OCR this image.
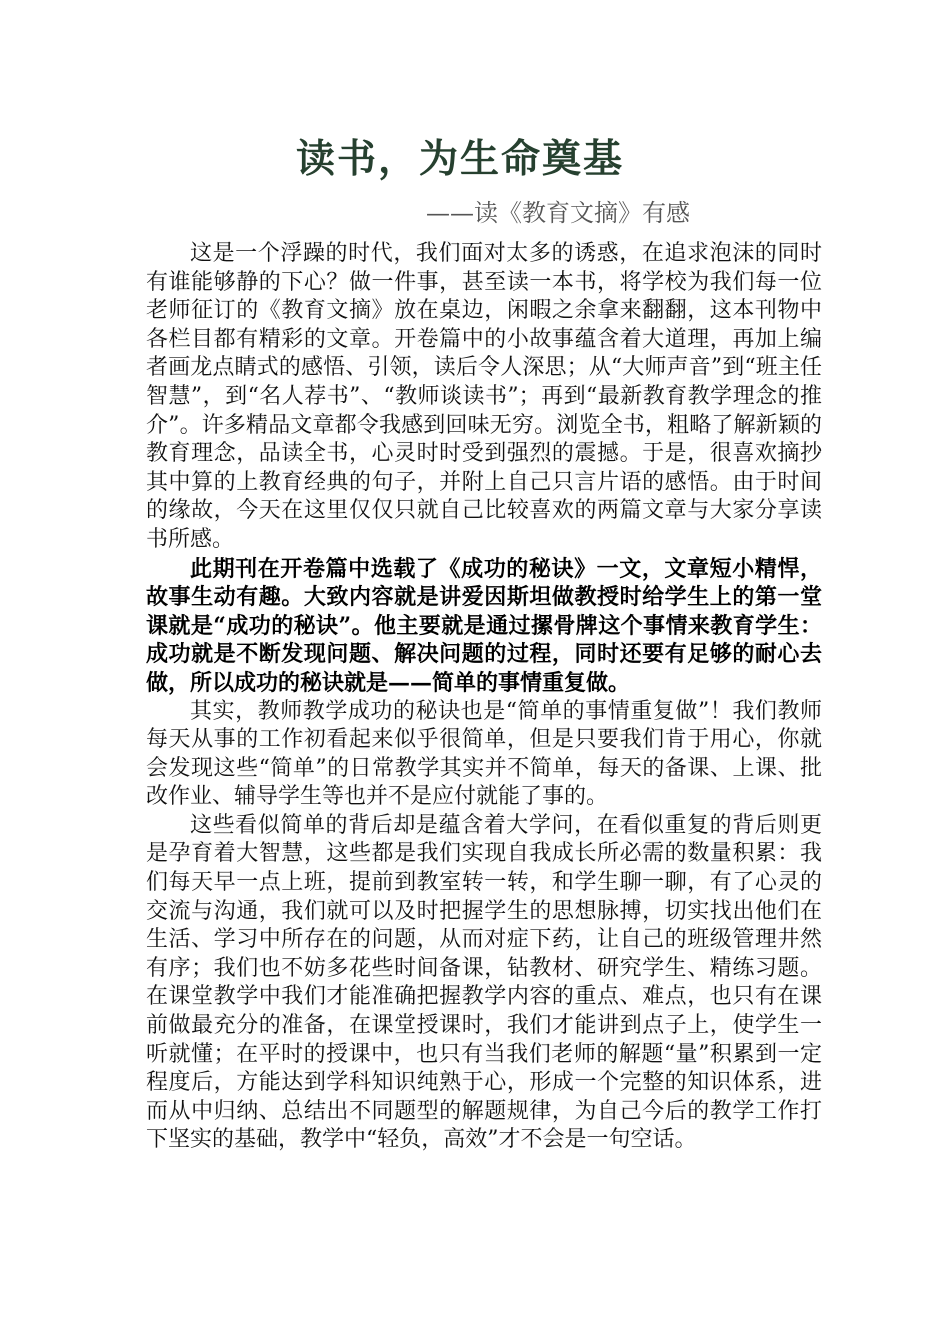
读书，为生命奠基
——读《教育文摘》有感

这是一个浮躁的时代，我们面对太多的诱惑，在追求泡沫的同时有谁能够静的下心？做一件事，甚至读一本书，将学校为我们每一位老师征订的《教育文摘》放在桌边，闲暇之余拿来翻翻，这本刊物中各栏目都有精彩的文章。开卷篇中的小故事蕴含着大道理，再加上编者画龙点睛式的感悟、引领，读后令人深思；从“大师声音”到“班主任智慧”，到“名人荐书”、“教师谈读书”；再到“最新教育教学理念的推介”。许多精品文章都令我感到回味无穷。浏览全书，粗略了解新颖的教育理念，品读全书，心灵时时受到强烈的震撼。于是，很喜欢摘抄其中算的上教育经典的句子，并附上自己只言片语的感悟。由于时间的缘故，今天在这里仅仅只就自己比较喜欢的两篇文章与大家分享读书所感。

此期刊在开卷篇中选载了《成功的秘诀》一文，文章短小精悍，故事生动有趣。大致内容就是讲爱因斯坦做教授时给学生上的第一堂课就是“成功的秘诀”。他主要就是通过摞骨牌这个事情来教育学生：成功就是不断发现问题、解决问题的过程，同时还要有足够的耐心去做，所以成功的秘诀就是——简单的事情重复做。

其实，教师教学成功的秘诀也是“简单的事情重复做”！我们教师每天从事的工作初看起来似乎很简单，但是只要我们肯于用心，你就会发现这些“简单”的日常教学其实并不简单，每天的备课、上课、批改作业、辅导学生等也并不是应付就能了事的。

这些看似简单的背后却是蕴含着大学问，在看似重复的背后则更是孕育着大智慧，这些都是我们实现自我成长所必需的数量积累：我们每天早一点上班，提前到教室转一转，和学生聊一聊，有了心灵的交流与沟通，我们就可以及时把握学生的思想脉搏，切实找出他们在生活、学习中所存在的问题，从而对症下药，让自己的班级管理井然有序；我们也不妨多花些时间备课，钻教材、研究学生、精练习题。在课堂教学中我们才能准确把握教学内容的重点、难点，也只有在课前做最充分的准备，在课堂授课时，我们才能讲到点子上，使学生一听就懂；在平时的授课中，也只有当我们老师的解题“量”积累到一定程度后，方能达到学科知识纯熟于心，形成一个完整的知识体系，进而从中归纳、总结出不同题型的解题规律，为自己今后的教学工作打下坚实的基础，教学中“轻负，高效”才不会是一句空话。
